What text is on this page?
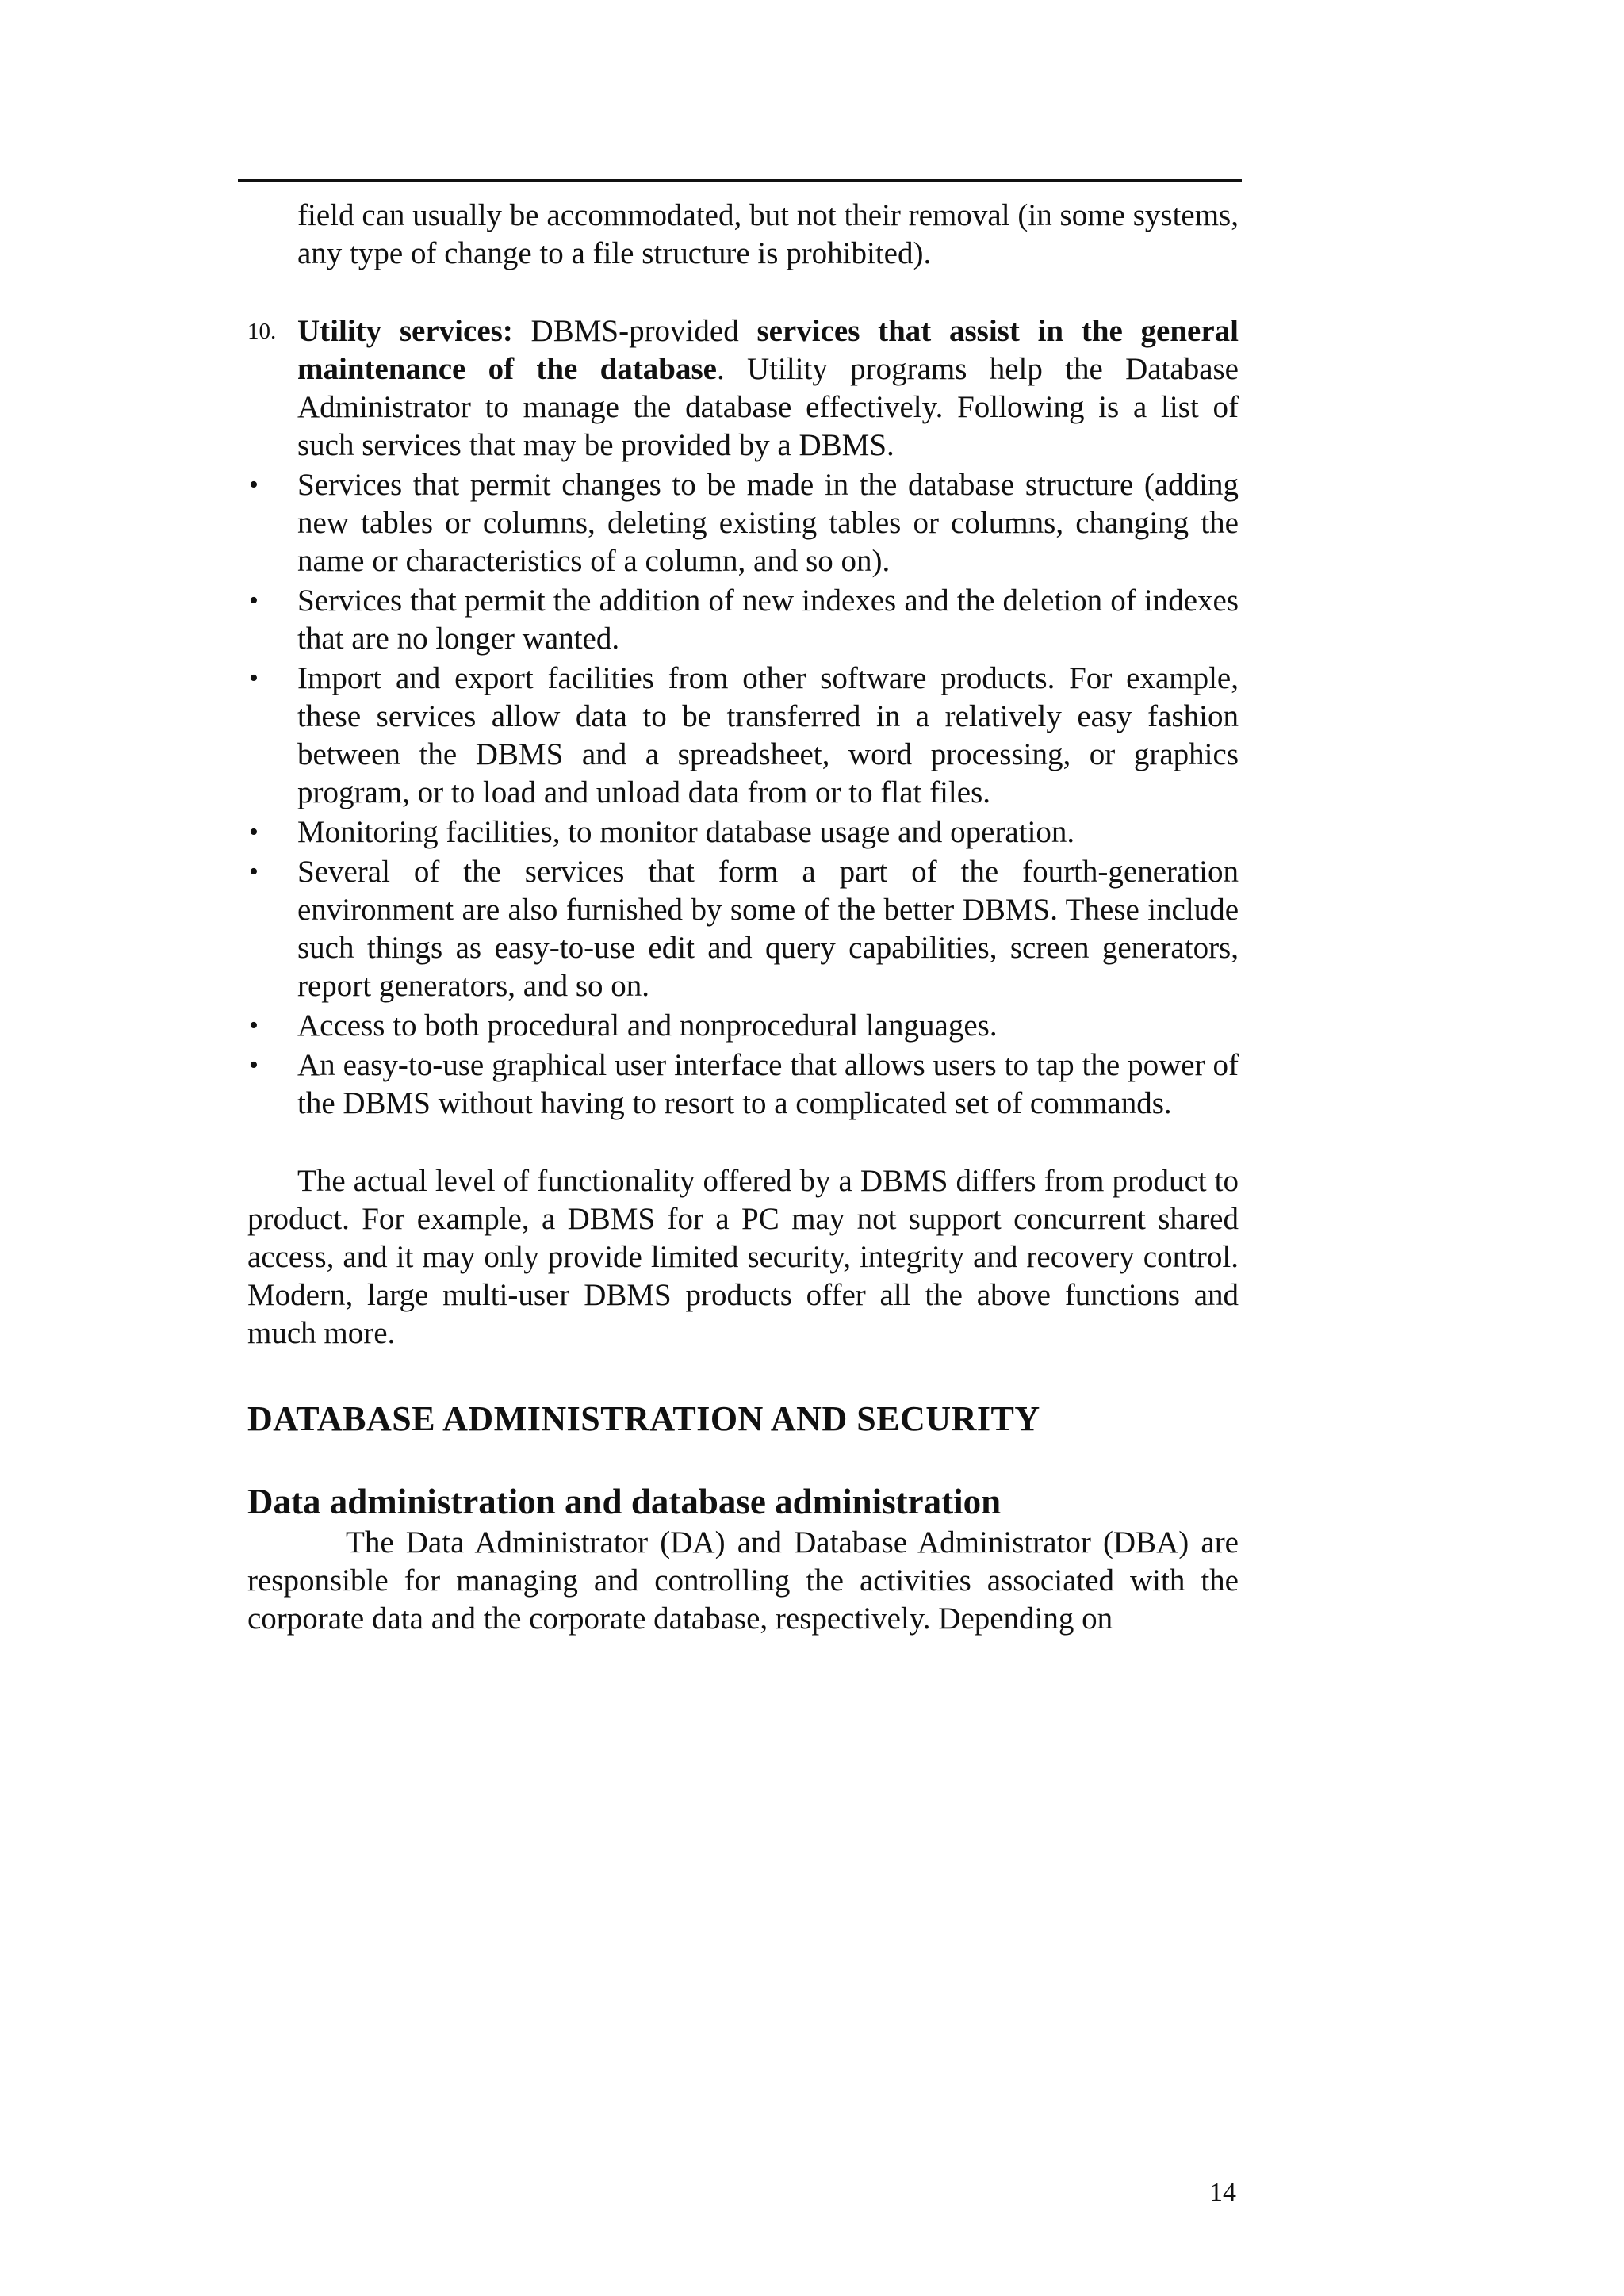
field can usually be accommodated, but not their removal (in some systems, any type of change to a file structure is prohibited).

10. Utility services: DBMS-provided services that assist in the general maintenance of the database. Utility programs help the Database Administrator to manage the database effectively. Following is a list of such services that may be provided by a DBMS.

• Services that permit changes to be made in the database structure (adding new tables or columns, deleting existing tables or columns, changing the name or characteristics of a column, and so on).
• Services that permit the addition of new indexes and the deletion of indexes that are no longer wanted.
• Import and export facilities from other software products. For example, these services allow data to be transferred in a relatively easy fashion between the DBMS and a spreadsheet, word processing, or graphics program, or to load and unload data from or to flat files.
• Monitoring facilities, to monitor database usage and operation.
• Several of the services that form a part of the fourth-generation environment are also furnished by some of the better DBMS. These include such things as easy-to-use edit and query capabilities, screen generators, report generators, and so on.
• Access to both procedural and nonprocedural languages.
• An easy-to-use graphical user interface that allows users to tap the power of the DBMS without having to resort to a complicated set of commands.

The actual level of functionality offered by a DBMS differs from product to product. For example, a DBMS for a PC may not support concurrent shared access, and it may only provide limited security, integrity and recovery control. Modern, large multi-user DBMS products offer all the above functions and much more.

DATABASE ADMINISTRATION AND SECURITY
Data administration and database administration

The Data Administrator (DA) and Database Administrator (DBA) are responsible for managing and controlling the activities associated with the corporate data and the corporate database, respectively. Depending on

14
